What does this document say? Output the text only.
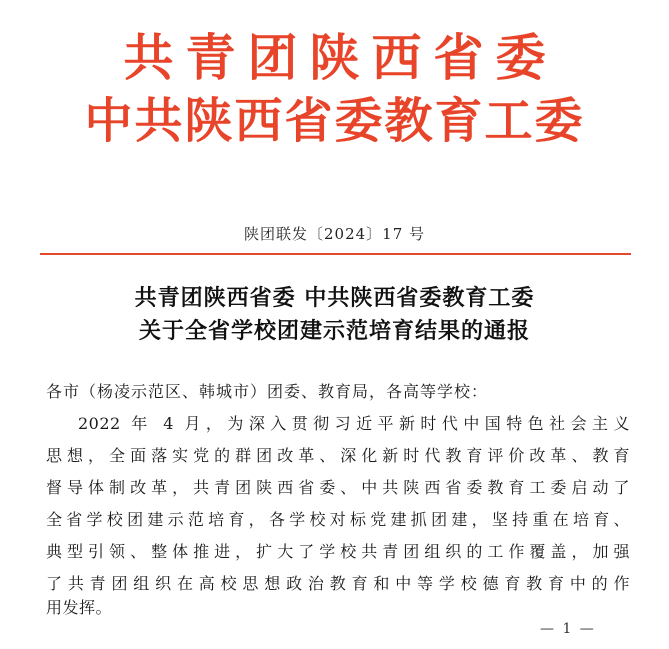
共青团陕西省委
中共陕西省委教育工委
陕团联发〔2024〕17 号
共青团陕西省委 中共陕西省委教育工委
关于全省学校团建示范培育结果的通报
各市（杨凌示范区、韩城市）团委、教育局，各高等学校：
2022 年 4 月，为深入贯彻习近平新时代中国特色社会主义
思想，全面落实党的群团改革、深化新时代教育评价改革、教育
督导体制改革，共青团陕西省委、中共陕西省委教育工委启动了
全省学校团建示范培育，各学校对标党建抓团建，坚持重在培育、
典型引领、整体推进，扩大了学校共青团组织的工作覆盖，加强
了共青团组织在高校思想政治教育和中等学校德育教育中的作
用发挥。
— 1 —
